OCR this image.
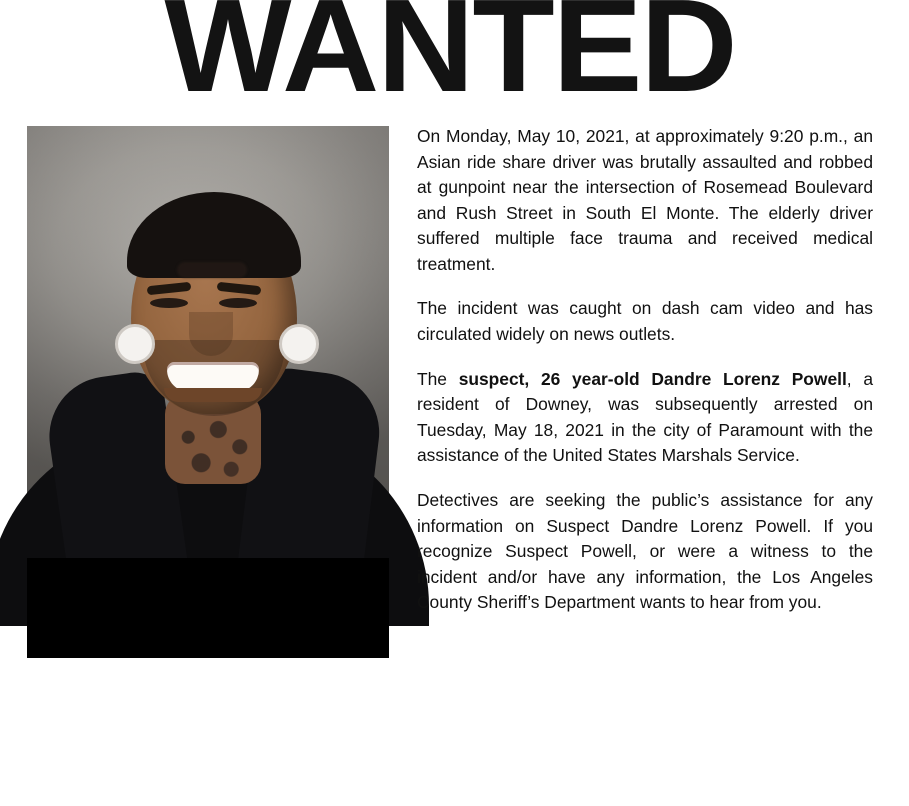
WANTED
SUSPECT:
Dandre Lorenz Powell
Age 26

On Monday, May 10, 2021, at approximately 9:20 p.m., an Asian ride share driver was brutally assaulted and robbed at gunpoint near the intersection of Rosemead Boulevard and Rush Street in South El Monte. The elderly driver suffered multiple face trauma and received medical treatment.

The incident was caught on dash cam video and has circulated widely on news outlets.

The suspect, 26 year-old Dandre Lorenz Powell, a resident of Downey, was subsequently arrested on Tuesday, May 18, 2021 in the city of Paramount with the assistance of the United States Marshals Service.

Detectives are seeking the public’s assistance for any information on Suspect Dandre Lorenz Powell. If you recognize Suspect Powell, or were a witness to the incident and/or have any information, the Los Angeles County Sheriff’s Department wants to hear from you.
